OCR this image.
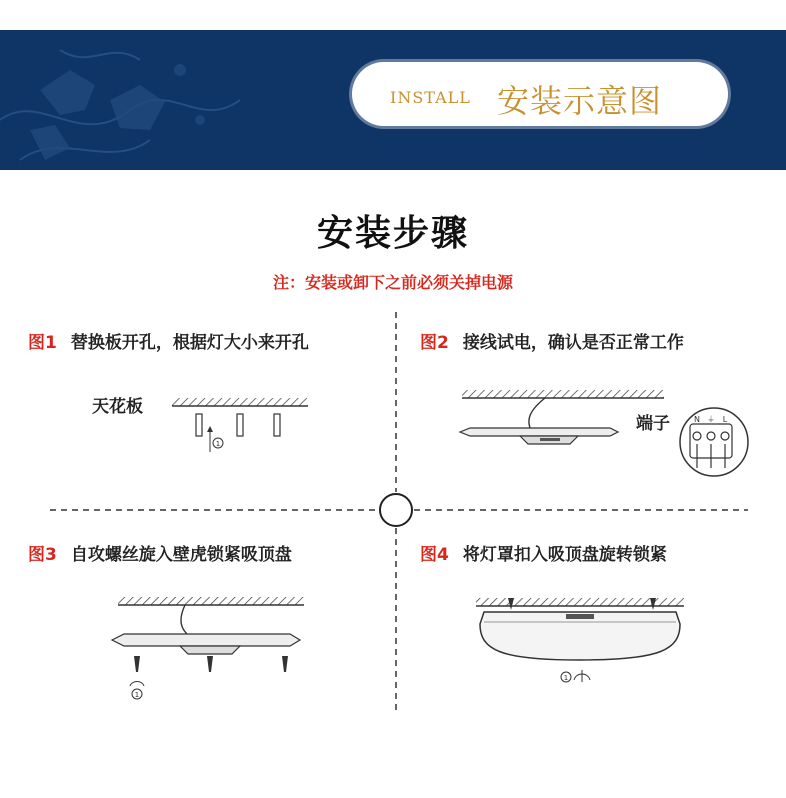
INSTALL 安装示意图
安装步骤
注：安装或卸下之前必须关掉电源
图1 替换板开孔，根据灯大小来开孔	图2 接线试电，确认是否正常工作
图3 自攻螺丝旋入壁虎锁紧吸顶盘	图4 将灯罩扣入吸顶盘旋转锁紧
天花板
端子
1
N ⏚ L
1
1
